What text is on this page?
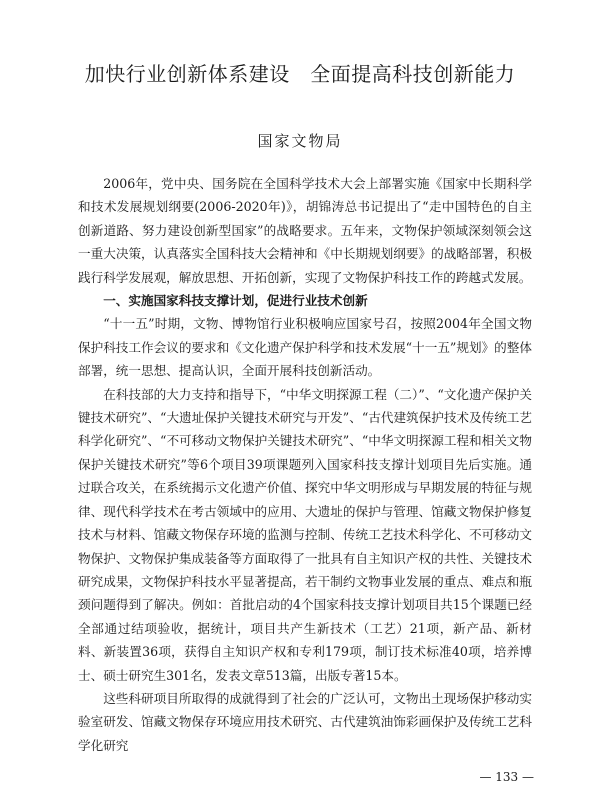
加快行业创新体系建设　全面提高科技创新能力
国家文物局

2006年，党中央、国务院在全国科学技术大会上部署实施《国家中长期科学和技术发展规划纲要(2006-2020年)》，胡锦涛总书记提出了“走中国特色的自主创新道路、努力建设创新型国家”的战略要求。五年来，文物保护领域深刻领会这一重大决策，认真落实全国科技大会精神和《中长期规划纲要》的战略部署，积极践行科学发展观，解放思想、开拓创新，实现了文物保护科技工作的跨越式发展。

一、实施国家科技支撑计划，促进行业技术创新

“十一五”时期，文物、博物馆行业积极响应国家号召，按照2004年全国文物保护科技工作会议的要求和《文化遗产保护科学和技术发展“十一五”规划》的整体部署，统一思想、提高认识，全面开展科技创新活动。

在科技部的大力支持和指导下，“中华文明探源工程（二）”、“文化遗产保护关键技术研究”、“大遗址保护关键技术研究与开发”、“古代建筑保护技术及传统工艺科学化研究”、“不可移动文物保护关键技术研究”、“中华文明探源工程和相关文物保护关键技术研究”等6个项目39项课题列入国家科技支撑计划项目先后实施。通过联合攻关，在系统揭示文化遗产价值、探究中华文明形成与早期发展的特征与规律、现代科学技术在考古领域中的应用、大遗址的保护与管理、馆藏文物保护修复技术与材料、馆藏文物保存环境的监测与控制、传统工艺技术科学化、不可移动文物保护、文物保护集成装备等方面取得了一批具有自主知识产权的共性、关键技术研究成果，文物保护科技水平显著提高，若干制约文物事业发展的重点、难点和瓶颈问题得到了解决。例如：首批启动的4个国家科技支撑计划项目共15个课题已经全部通过结项验收，据统计，项目共产生新技术（工艺）21项，新产品、新材料、新装置36项，获得自主知识产权和专利179项，制订技术标准40项，培养博士、硕士研究生301名，发表文章513篇，出版专著15本。

这些科研项目所取得的成就得到了社会的广泛认可，文物出土现场保护移动实验室研发、馆藏文物保存环境应用技术研究、古代建筑油饰彩画保护及传统工艺科学化研究

— 133 —
